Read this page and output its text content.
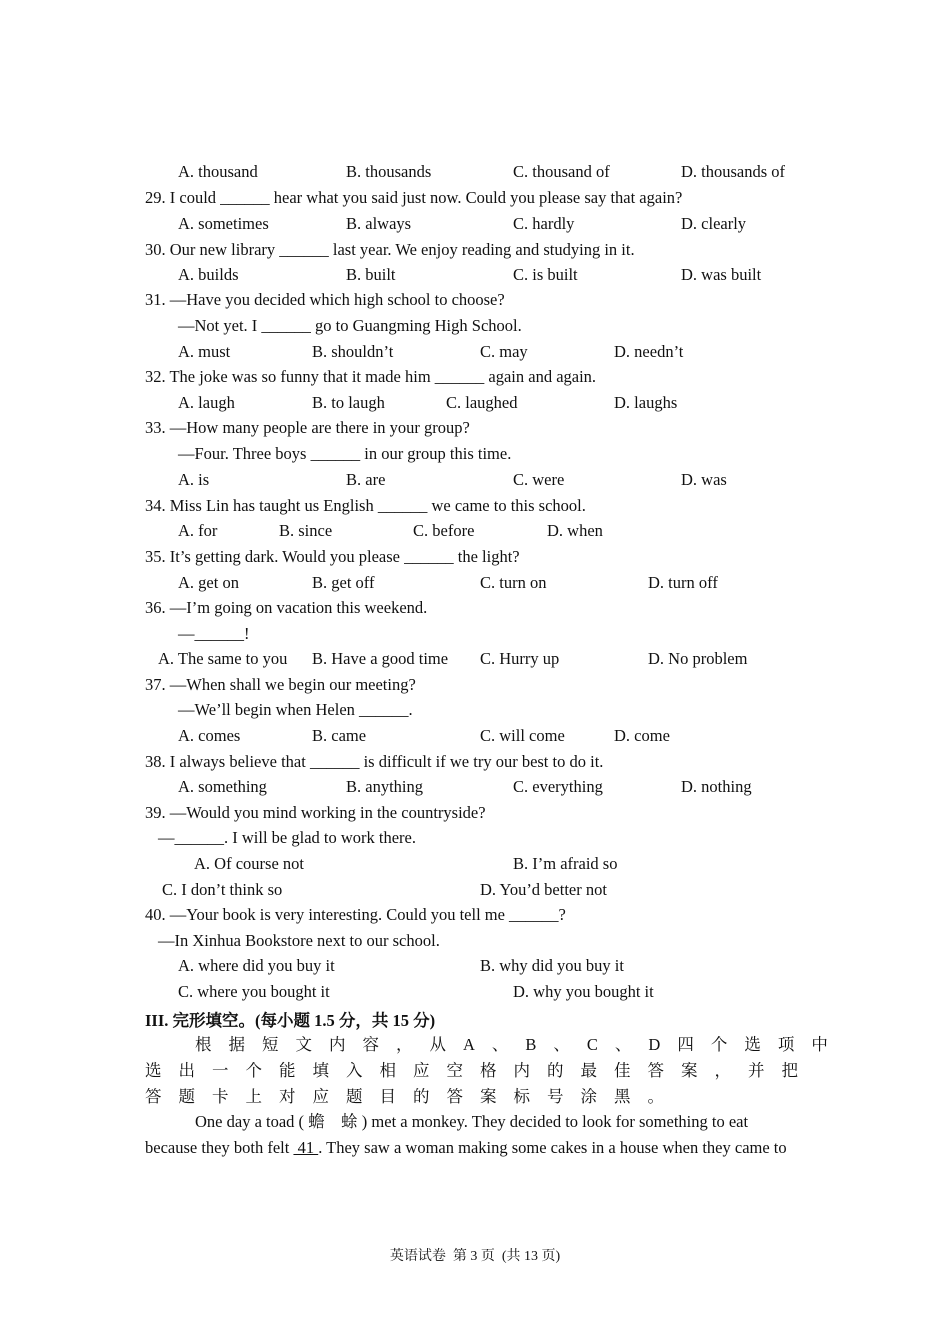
A. thousand	B. thousands	C. thousand of	D. thousands of
29. I could ______ hear what you said just now. Could you please say that again?
A. sometimes	B. always	C. hardly	D. clearly
30. Our new library ______ last year. We enjoy reading and studying in it.
A. builds	B. built	C. is built	D. was built
31. —Have you decided which high school to choose?
—Not yet. I ______ go to Guangming High School.
A. must	B. shouldn’t	C. may	D. needn’t
32. The joke was so funny that it made him ______ again and again.
A. laugh	B. to laugh	C. laughed	D. laughs
33. —How many people are there in your group?
—Four. Three boys ______ in our group this time.
A. is	B. are	C. were	D. was
34. Miss Lin has taught us English ______ we came to this school.
A. for	B. since	C. before	D. when
35. It’s getting dark. Would you please ______ the light?
A. get on	B. get off	C. turn on	D. turn off
36. —I’m going on vacation this weekend.
—______!
A. The same to you B. Have a good time C. Hurry up	D. No problem
37. —When shall we begin our meeting?
—We’ll begin when Helen ______.
A. comes	B. came	C. will come	D. come
38. I always believe that ______ is difficult if we try our best to do it.
A. something	B. anything	C. everything	D. nothing
39. —Would you mind working in the countryside?
—______. I will be glad to work there.
A. Of course not	B. I’m afraid so
C. I don’t think so	D. You’d better not
40. —Your book is very interesting. Could you tell me ______?
—In Xinhua Bookstore next to our school.
A. where did you buy it	B. why did you buy it
C. where you bought it	D. why you bought it
III. 完形填空。(每小题 1.5 分，共 15 分)
根据短文内容，从A、B、C、D四个选项中
选出一个能填入相应空格内的最佳答案，并把
答题卡上对应题目的答案标号涂黑。
One day a toad ( 蟾　蜍 ) met a monkey. They decided to look for something to eat
because they both felt  41 . They saw a woman making some cakes in a house when they came to
英语试卷  第 3 页  (共 13 页)
